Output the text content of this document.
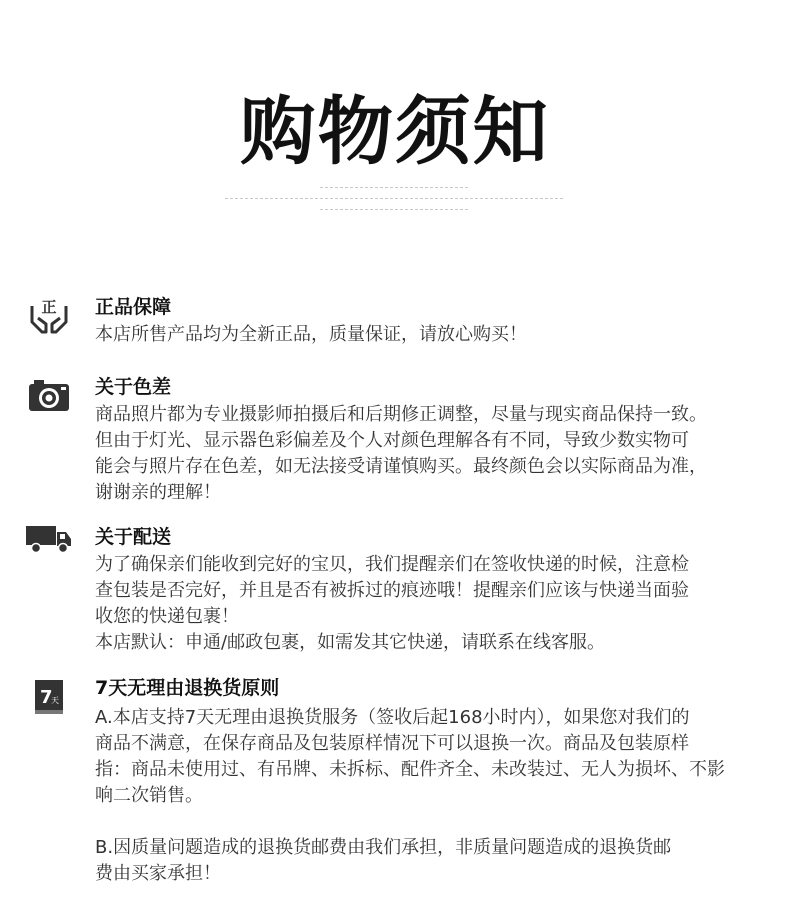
购物须知
正 正品保障

本店所售产品均为全新正品，质量保证，请放心购买！

关于色差

商品照片都为专业摄影师拍摄后和后期修正调整，尽量与现实商品保持一致。

但由于灯光、显示器色彩偏差及个人对颜色理解各有不同，导致少数实物可

能会与照片存在色差，如无法接受请谨慎购买。最终颜色会以实际商品为准，

谢谢亲的理解！

关于配送

为了确保亲们能收到完好的宝贝，我们提醒亲们在签收快递的时候，注意检

查包装是否完好，并且是否有被拆过的痕迹哦！提醒亲们应该与快递当面验

收您的快递包裹！

本店默认：申通/邮政包裹，如需发其它快递，请联系在线客服。

7
天
7天无理由退换货原则

A.本店支持7天无理由退换货服务（签收后起168小时内），如果您对我们的

商品不满意，在保存商品及包装原样情况下可以退换一次。商品及包装原样

指：商品未使用过、有吊牌、未拆标、配件齐全、未改装过、无人为损坏、不影

响二次销售。

B.因质量问题造成的退换货邮费由我们承担，非质量问题造成的退换货邮

费由买家承担！
